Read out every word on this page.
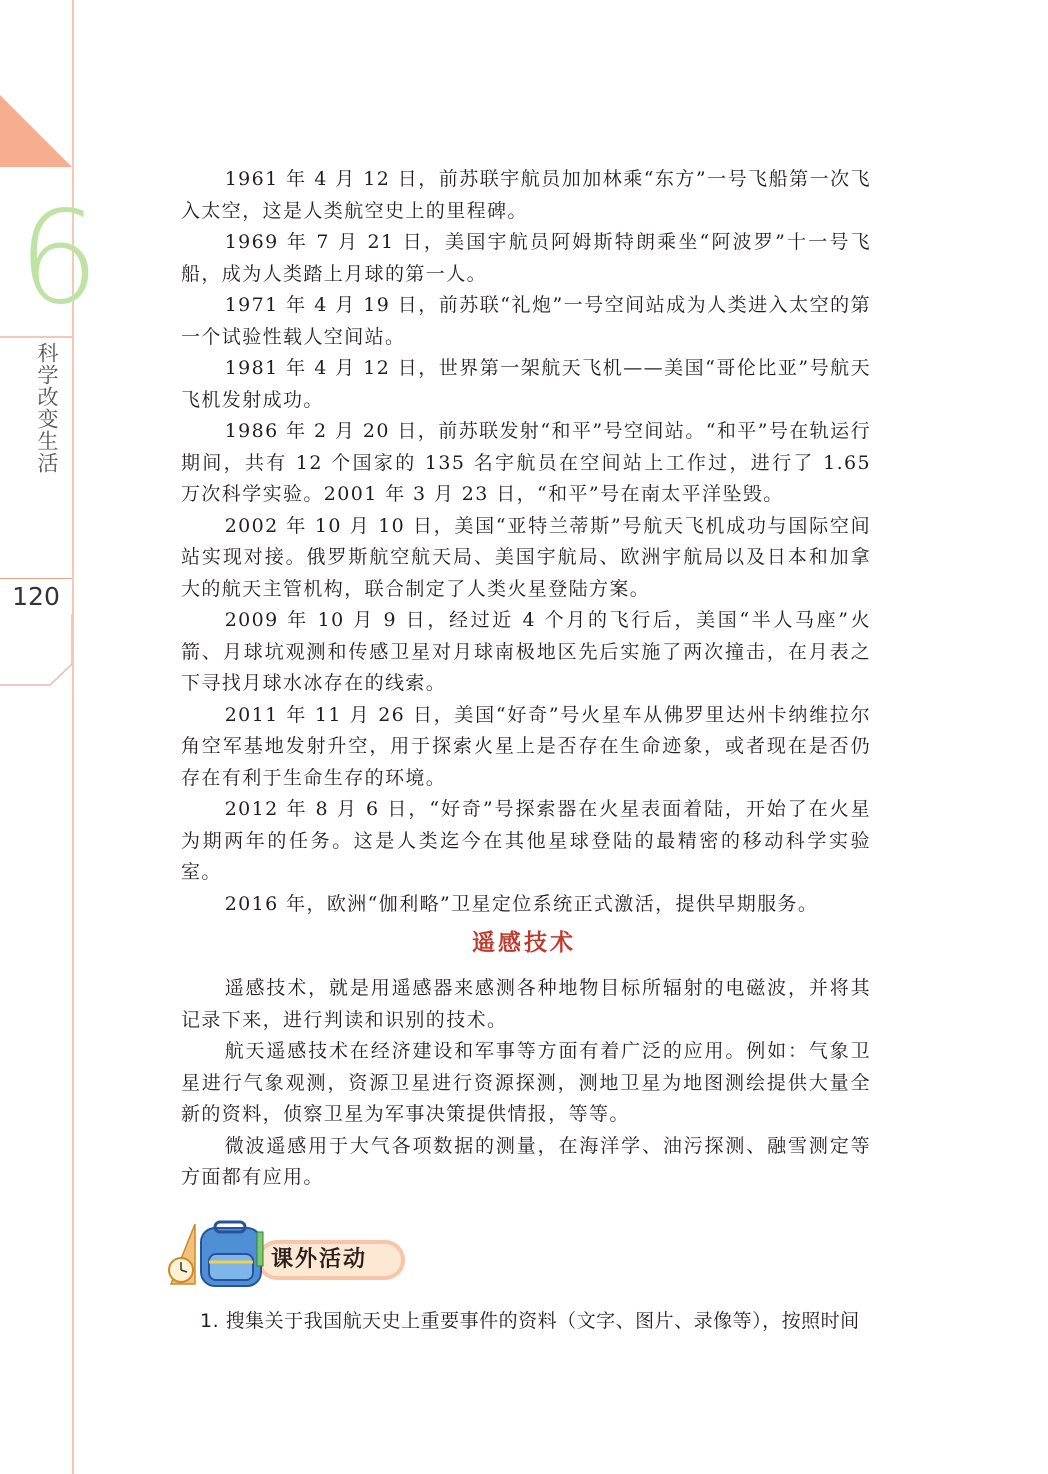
6
科学改变生活
120

1961 年 4 月 12 日，前苏联宇航员加加林乘“东方”一号飞船第一次飞入太空，这是人类航空史上的里程碑。

1969 年 7 月 21 日，美国宇航员阿姆斯特朗乘坐“阿波罗”十一号飞船，成为人类踏上月球的第一人。

1971 年 4 月 19 日，前苏联“礼炮”一号空间站成为人类进入太空的第一个试验性载人空间站。

1981 年 4 月 12 日，世界第一架航天飞机——美国“哥伦比亚”号航天飞机发射成功。

1986 年 2 月 20 日，前苏联发射“和平”号空间站。“和平”号在轨运行期间，共有 12 个国家的 135 名宇航员在空间站上工作过，进行了 1.65 万次科学实验。2001 年 3 月 23 日，“和平”号在南太平洋坠毁。

2002 年 10 月 10 日，美国“亚特兰蒂斯”号航天飞机成功与国际空间站实现对接。俄罗斯航空航天局、美国宇航局、欧洲宇航局以及日本和加拿大的航天主管机构，联合制定了人类火星登陆方案。

2009 年 10 月 9 日，经过近 4 个月的飞行后，美国“半人马座”火箭、月球坑观测和传感卫星对月球南极地区先后实施了两次撞击，在月表之下寻找月球水冰存在的线索。

2011 年 11 月 26 日，美国“好奇”号火星车从佛罗里达州卡纳维拉尔角空军基地发射升空，用于探索火星上是否存在生命迹象，或者现在是否仍存在有利于生命生存的环境。

2012 年 8 月 6 日，“好奇”号探索器在火星表面着陆，开始了在火星为期两年的任务。这是人类迄今在其他星球登陆的最精密的移动科学实验室。

2016 年，欧洲“伽利略”卫星定位系统正式激活，提供早期服务。

遥感技术

遥感技术，就是用遥感器来感测各种地物目标所辐射的电磁波，并将其记录下来，进行判读和识别的技术。

航天遥感技术在经济建设和军事等方面有着广泛的应用。例如：气象卫星进行气象观测，资源卫星进行资源探测，测地卫星为地图测绘提供大量全新的资料，侦察卫星为军事决策提供情报，等等。

微波遥感用于大气各项数据的测量，在海洋学、油污探测、融雪测定等方面都有应用。

课外活动
1. 搜集关于我国航天史上重要事件的资料（文字、图片、录像等），按照时间
